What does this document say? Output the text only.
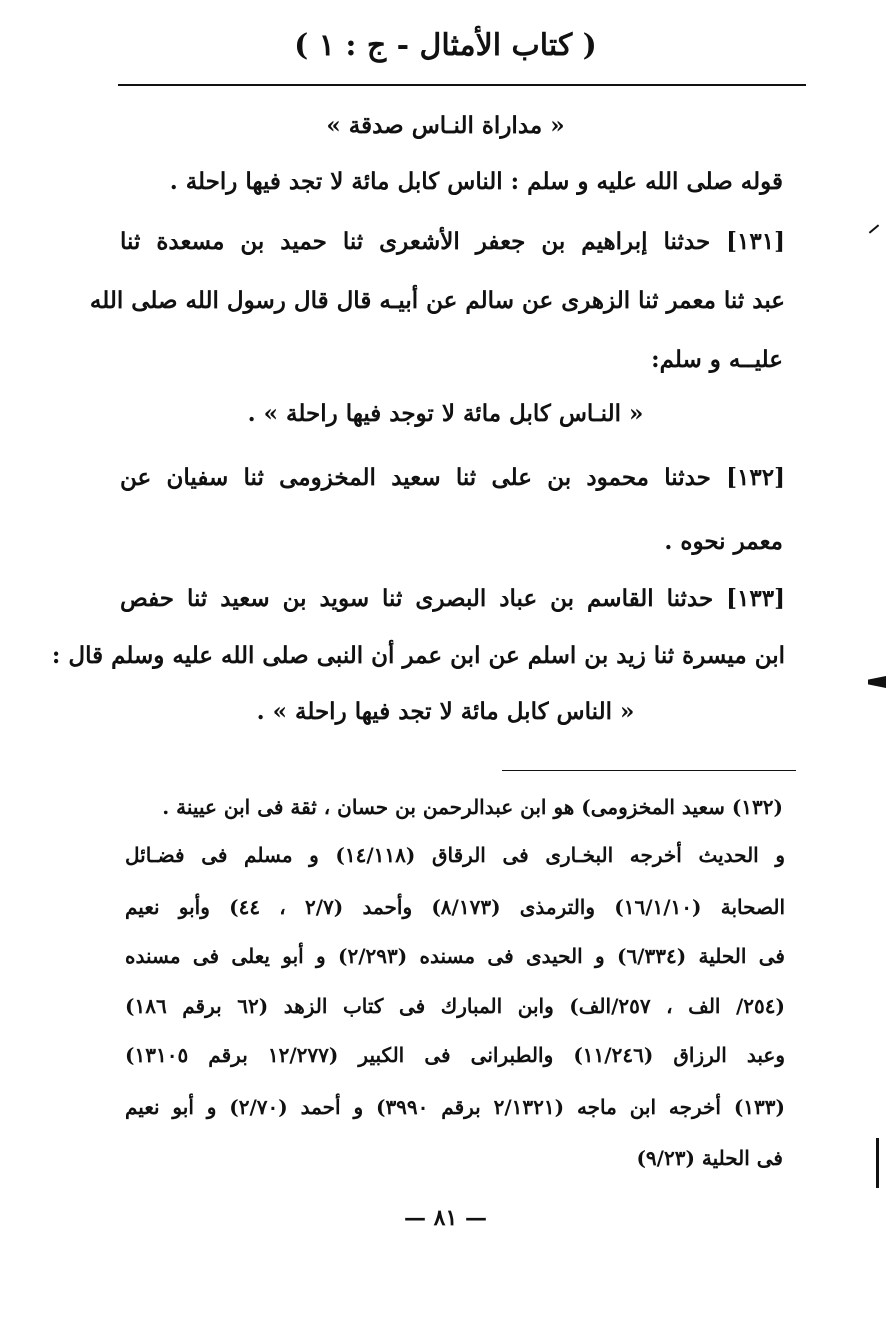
( كتاب الأمثال - ج : ١ )
« مداراة النـاس صدقة »
قوله صلى الله عليه و سلم : الناس كابل مائة لا تجد فيها راحلة .
[١٣١] حدثنا إبراهيم بن جعفر الأشعرى ثنا حميد بن مسعدة ثنا
عبد ثنا معمر ثنا الزهرى عن سالم عن أبيـه قال قال رسول الله صلى الله
عليــه و سلم:
« النـاس كابل مائة لا توجد فيها راحلة » .
[١٣٢] حدثنا محمود بن على ثنا سعيد المخزومى ثنا سفيان عن
معمر نحوه .
[١٣٣] حدثنا القاسم بن عباد البصرى ثنا سويد بن سعيد ثنا حفص
ابن ميسرة ثنا زيد بن اسلم عن ابن عمر أن النبى صلى الله عليه وسلم قال :
« الناس كابل مائة لا تجد فيها راحلة » .
(١٣٢) سعيد المخزومى) هو ابن عبدالرحمن بن حسان ، ثقة فى ابن عيينة .
و الحديث أخرجه البخـارى فى الرقاق (١٤/١١٨) و مسلم فى فضـائل
الصحابة (١٦/١/١٠) والترمذى (٨/١٧٣) وأحمد (٢/٧ ، ٤٤) وأبو نعيم
فى الحلية (٦/٣٣٤) و الحيدى فى مسنده (٢/٢٩٣) و أبو يعلى فى مسنده
(٢٥٤/ الف ، ٢٥٧/الف) وابن المبارك فى كتاب الزهد (٦٢ برقم ١٨٦)
وعبد الرزاق (١١/٢٤٦) والطبرانى فى الكبير (١٢/٢٧٧ برقم ١٣١٠٥)
(١٣٣) أخرجه ابن ماجه (٢/١٣٢١ برقم ٣٩٩٠) و أحمد (٢/٧٠) و أبو نعيم
فى الحلية (٩/٢٣)
— ٨١ —
